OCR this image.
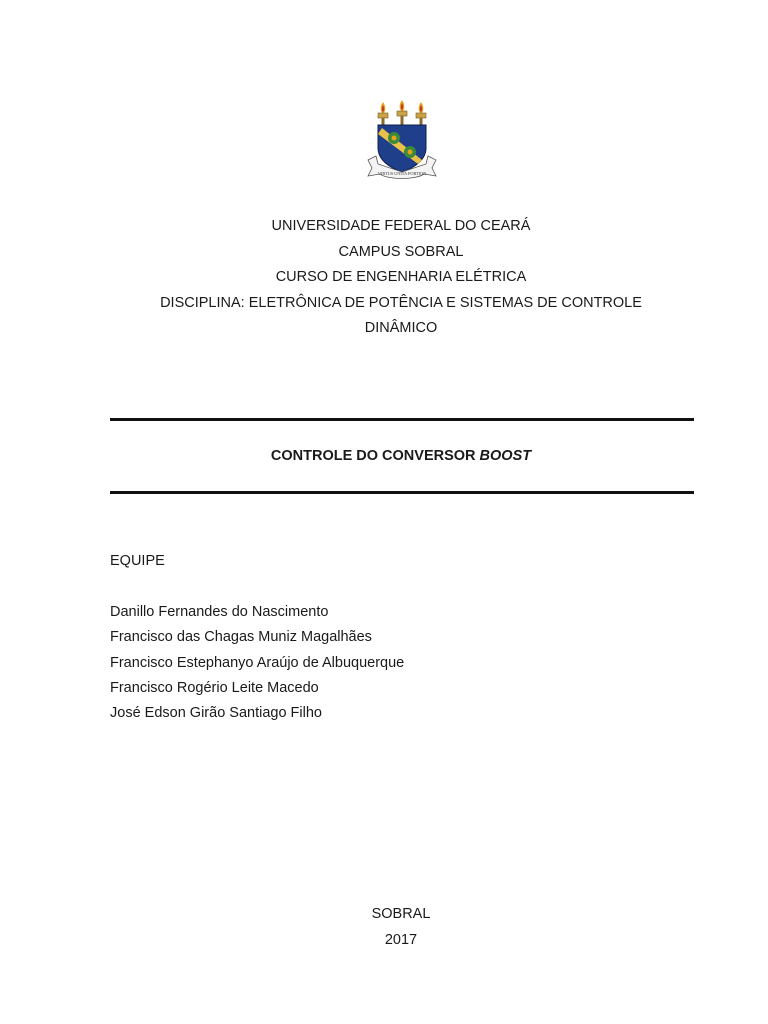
VIRTUS UNITA FORTIOR
UNIVERSIDADE FEDERAL DO CEARÁ
CAMPUS SOBRAL
CURSO DE ENGENHARIA ELÉTRICA
DISCIPLINA: ELETRÔNICA DE POTÊNCIA E SISTEMAS DE CONTROLE
DINÂMICO
CONTROLE DO CONVERSOR BOOST
EQUIPE
Danillo Fernandes do Nascimento
Francisco das Chagas Muniz Magalhães
Francisco Estephanyo Araújo de Albuquerque
Francisco Rogério Leite Macedo
José Edson Girão Santiago Filho
SOBRAL
2017
